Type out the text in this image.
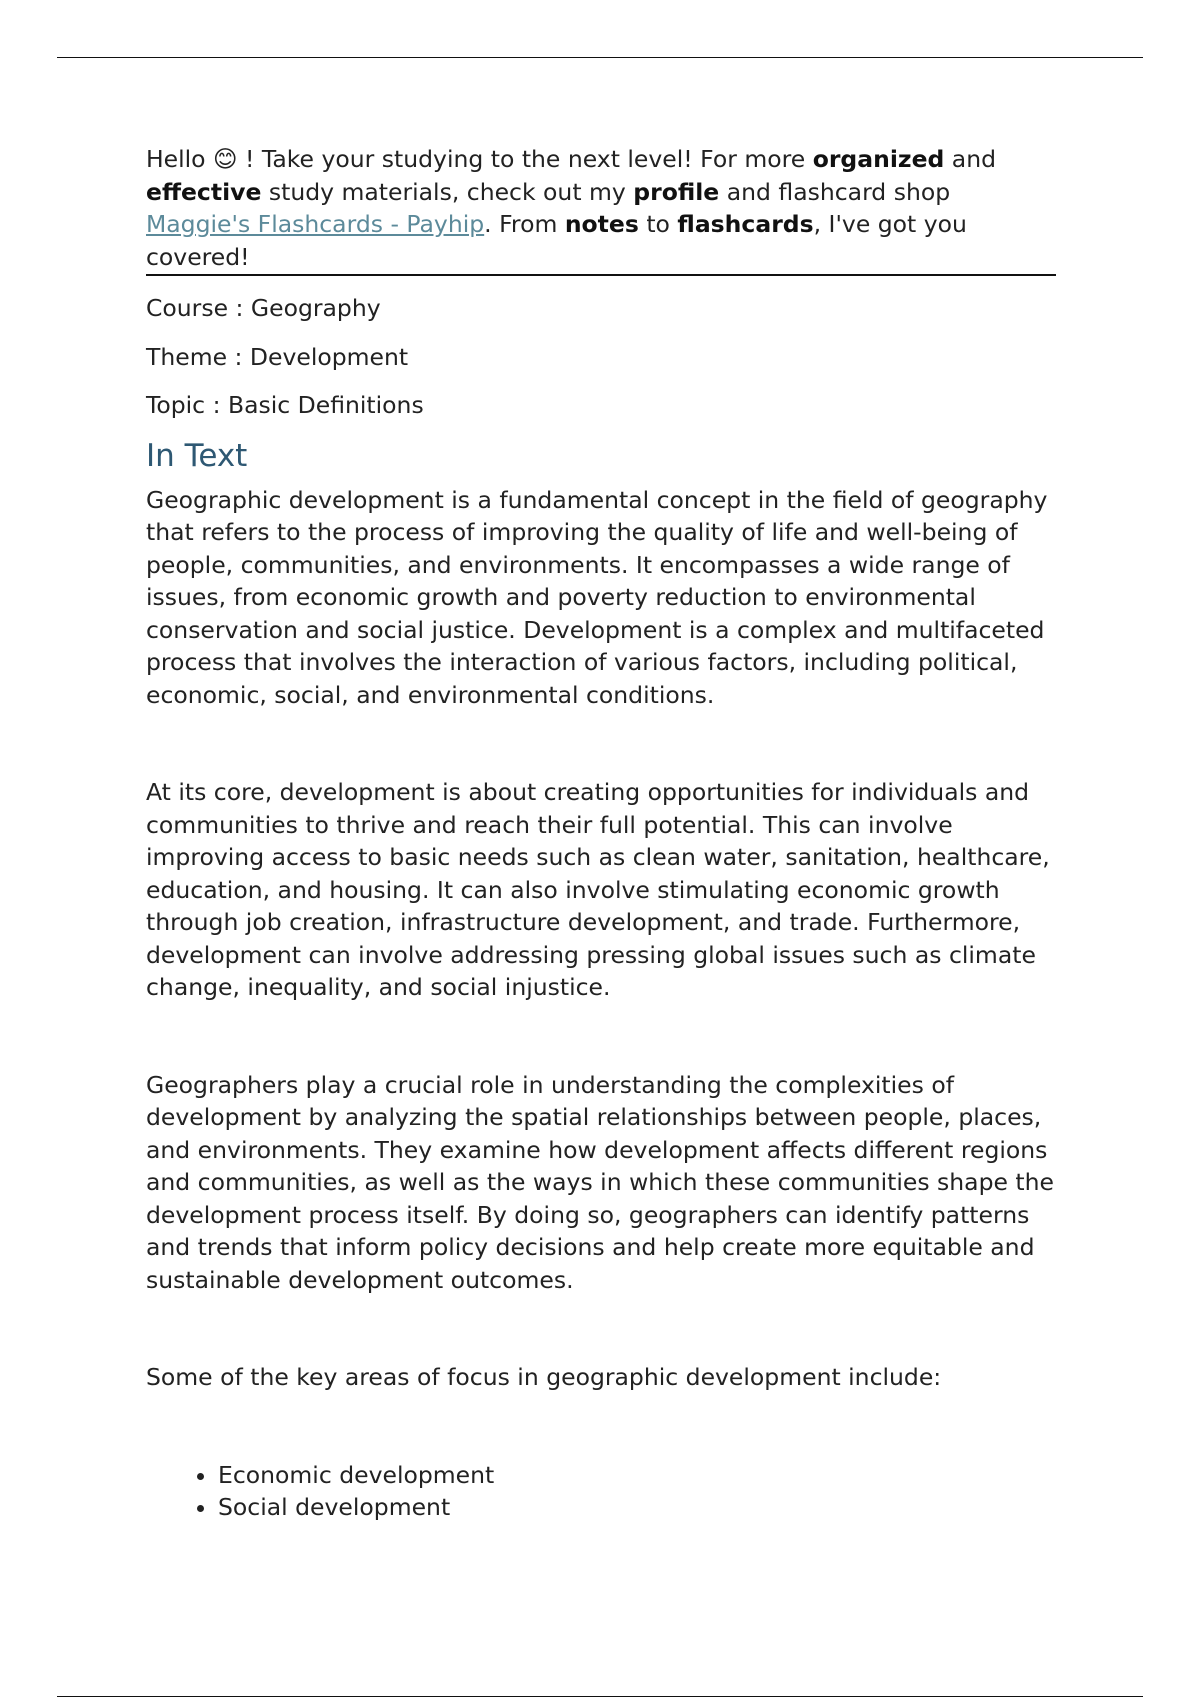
Hello 😊 ! Take your studying to the next level! For more organized and effective study materials, check out my profile and flashcard shop Maggie's Flashcards - Payhip. From notes to flashcards, I've got you covered!

Course : Geography

Theme : Development

Topic : Basic Definitions

In Text

Geographic development is a fundamental concept in the field of geography that refers to the process of improving the quality of life and well-being of people, communities, and environments. It encompasses a wide range of issues, from economic growth and poverty reduction to environmental conservation and social justice. Development is a complex and multifaceted process that involves the interaction of various factors, including political, economic, social, and environmental conditions.

At its core, development is about creating opportunities for individuals and communities to thrive and reach their full potential. This can involve improving access to basic needs such as clean water, sanitation, healthcare, education, and housing. It can also involve stimulating economic growth through job creation, infrastructure development, and trade. Furthermore, development can involve addressing pressing global issues such as climate change, inequality, and social injustice.

Geographers play a crucial role in understanding the complexities of development by analyzing the spatial relationships between people, places, and environments. They examine how development affects different regions and communities, as well as the ways in which these communities shape the development process itself. By doing so, geographers can identify patterns and trends that inform policy decisions and help create more equitable and sustainable development outcomes.

Some of the key areas of focus in geographic development include:

• Economic development
• Social development
